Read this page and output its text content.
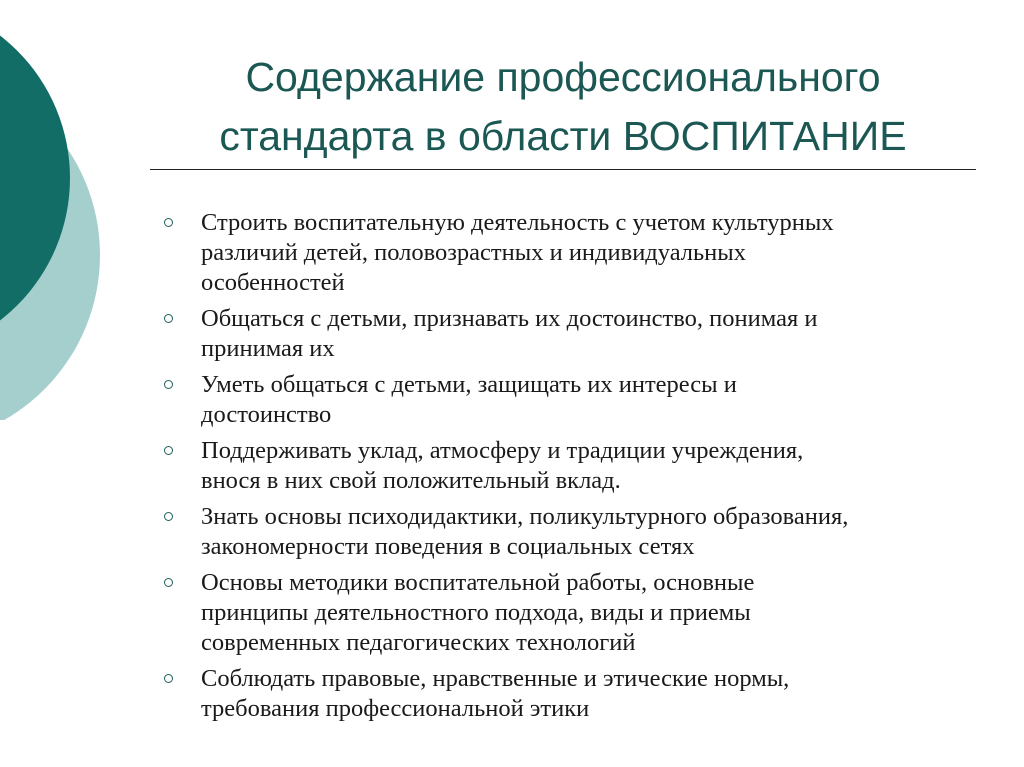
Содержание профессионального
стандарта в области ВОСПИТАНИЕ
Строить воспитательную деятельность с учетом культурных
различий детей, половозрастных и индивидуальных
особенностей
Общаться с детьми, признавать их достоинство, понимая и
принимая их
Уметь общаться с детьми, защищать их интересы и
достоинство
Поддерживать уклад, атмосферу и традиции учреждения,
внося в них свой положительный вклад.
Знать основы психодидактики, поликультурного образования,
закономерности поведения в социальных сетях
Основы методики воспитательной работы, основные
принципы деятельностного подхода, виды и приемы
современных педагогических технологий
Соблюдать правовые, нравственные и этические нормы,
требования профессиональной этики
